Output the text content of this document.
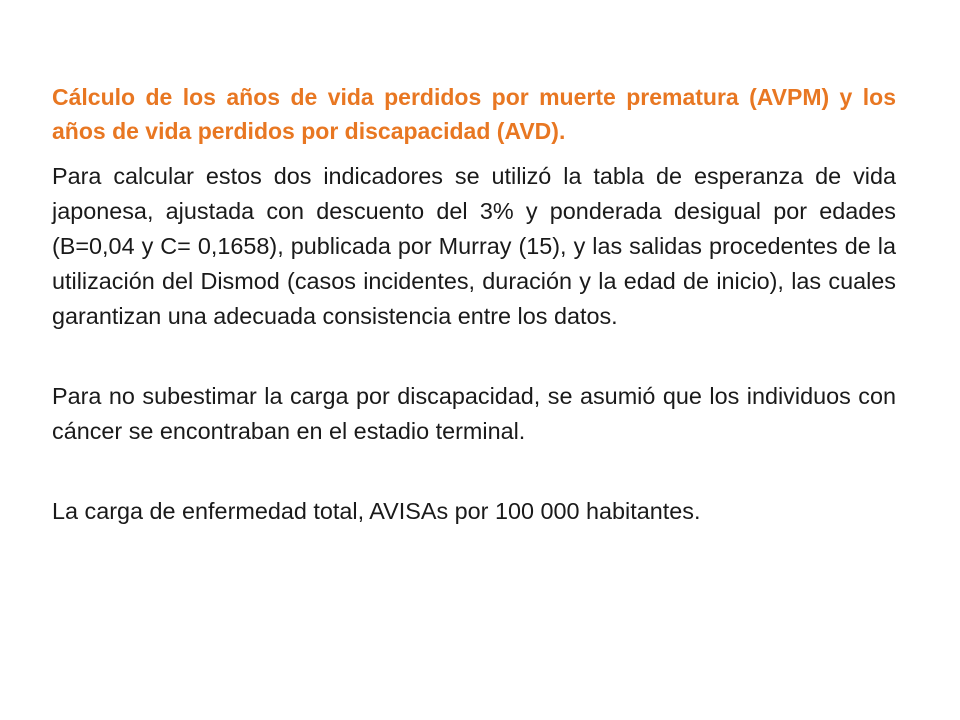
Cálculo de los años de vida perdidos por muerte prematura (AVPM) y los años de vida perdidos por discapacidad (AVD).

Para calcular estos dos indicadores se utilizó la tabla de esperanza de vida japonesa, ajustada con descuento del 3% y ponderada desigual por edades (B=0,04 y C= 0,1658), publicada por Murray (15), y las salidas procedentes de la utilización del Dismod (casos incidentes, duración y la edad de inicio), las cuales garantizan una adecuada consistencia entre los datos.

Para no subestimar la carga por discapacidad, se asumió que los individuos con cáncer se encontraban en el estadio terminal.

La carga de enfermedad total, AVISAs por 100 000 habitantes.
